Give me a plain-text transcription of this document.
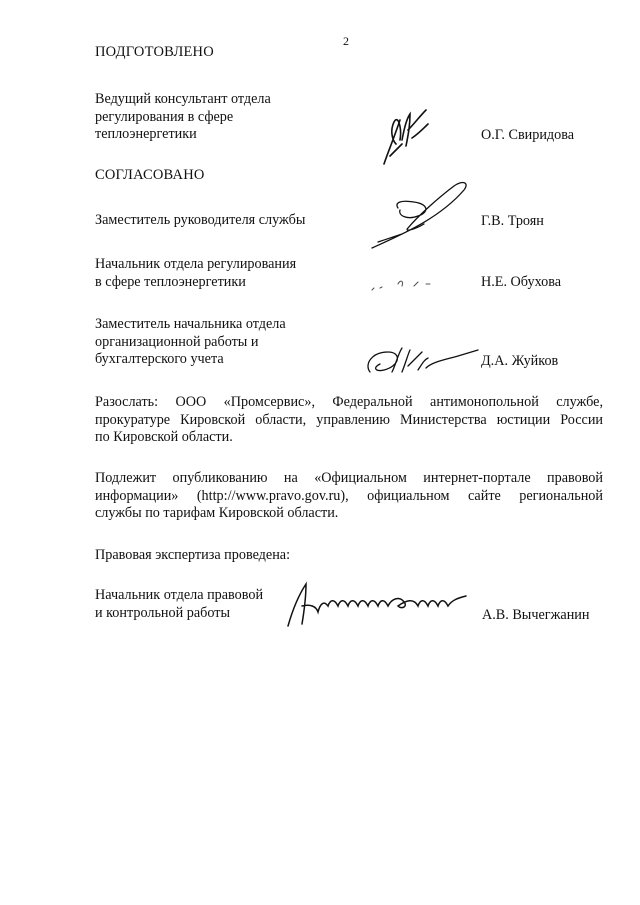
2
ПОДГОТОВЛЕНО
Ведущий консультант отдела
регулирования в сфере
теплоэнергетики	О.Г. Свиридова
СОГЛАСОВАНО
Заместитель руководителя службы	Г.В. Троян
Начальник отдела регулирования
в сфере теплоэнергетики	Н.Е. Обухова
Заместитель начальника отдела
организационной работы и
бухгалтерского учета	Д.А. Жуйков
Разослать: ООО «Промсервис», Федеральной антимонопольной службе,
прокуратуре Кировской области, управлению Министерства юстиции России
по Кировской области.
Подлежит опубликованию на «Официальном интернет-портале правовой
информации» (http://www.pravo.gov.ru), официальном сайте региональной
службы по тарифам Кировской области.
Правовая экспертиза проведена:
Начальник отдела правовой
и контрольной работы	А.В. Вычегжанин
